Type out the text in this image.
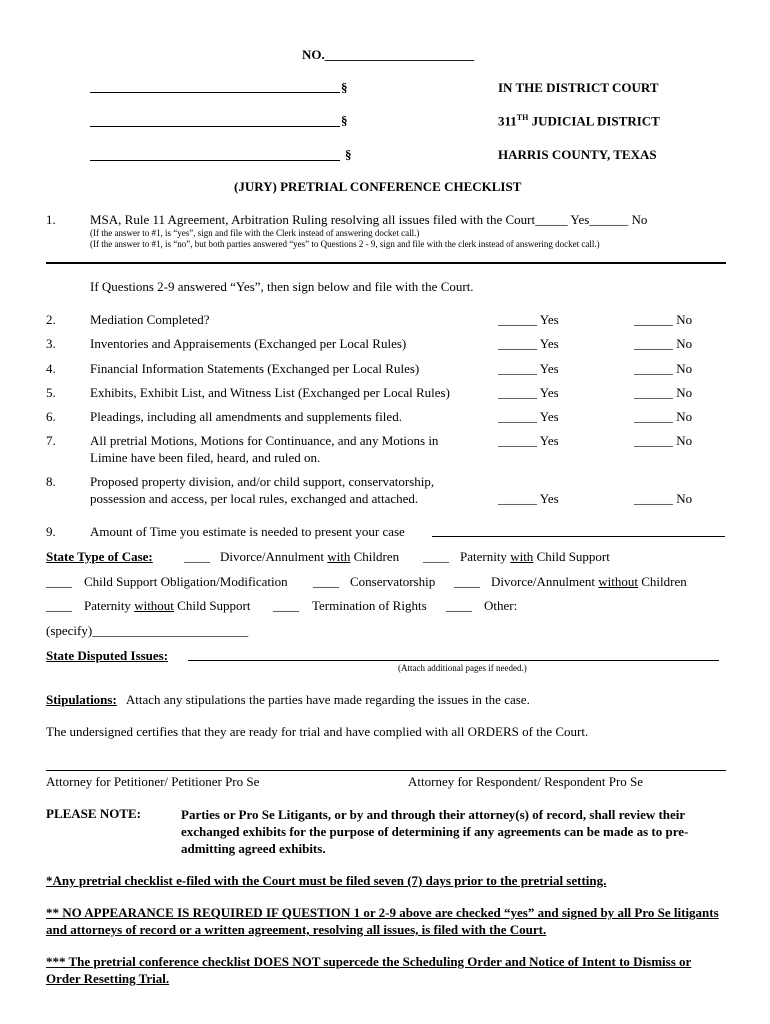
NO._______________________
§	IN THE DISTRICT COURT
§	311TH JUDICIAL DISTRICT
§	HARRIS COUNTY, TEXAS
(JURY) PRETRIAL CONFERENCE CHECKLIST
1.	MSA, Rule 11 Agreement, Arbitration Ruling resolving all issues filed with the Court_____ Yes______ No
(If the answer to #1, is “yes”, sign and file with the Clerk instead of answering docket call.)
(If the answer to #1, is “no”, but both parties answered “yes” to Questions 2 - 9, sign and file with the clerk instead of answering docket call.)
If Questions 2-9 answered “Yes”, then sign below and file with the Court.
2.	Mediation Completed?	______ Yes	______ No
3.	Inventories and Appraisements (Exchanged per Local Rules)	______ Yes	______ No
4.	Financial Information Statements (Exchanged per Local Rules)	______ Yes	______ No
5.	Exhibits, Exhibit List, and Witness List (Exchanged per Local Rules)	______ Yes	______ No
6.	Pleadings, including all amendments and supplements filed.	______ Yes	______ No
7.	All pretrial Motions, Motions for Continuance, and any Motions in
Limine have been filed, heard, and ruled on.
______ Yes	______ No
8.	Proposed property division, and/or child support, conservatorship,
possession and access, per local rules, exchanged and attached.	______ Yes	______ No
9.	Amount of Time you estimate is needed to present your case
State Type of Case: ____ Divorce/Annulment with Children ____ Paternity with Child Support
____ Child Support Obligation/Modification ____ Conservatorship ____ Divorce/Annulment without Children
____ Paternity without Child Support ____ Termination of Rights ____ Other:
(specify)________________________
State Disputed Issues:
(Attach additional pages if needed.)
Stipulations: Attach any stipulations the parties have made regarding the issues in the case.
The undersigned certifies that they are ready for trial and have complied with all ORDERS of the Court.
Attorney for Petitioner/ Petitioner Pro Se	Attorney for Respondent/ Respondent Pro Se
PLEASE NOTE:	Parties or Pro Se Litigants, or by and through their attorney(s) of record, shall review their exchanged exhibits for the purpose of determining if any agreements can be made as to pre-admitting agreed exhibits.
*Any pretrial checklist e-filed with the Court must be filed seven (7) days prior to the pretrial setting.
** NO APPEARANCE IS REQUIRED IF QUESTION 1 or 2-9 above are checked “yes” and signed by all Pro Se litigants and attorneys of record or a written agreement, resolving all issues, is filed with the Court.
*** The pretrial conference checklist DOES NOT supercede the Scheduling Order and Notice of Intent to Dismiss or Order Resetting Trial.
